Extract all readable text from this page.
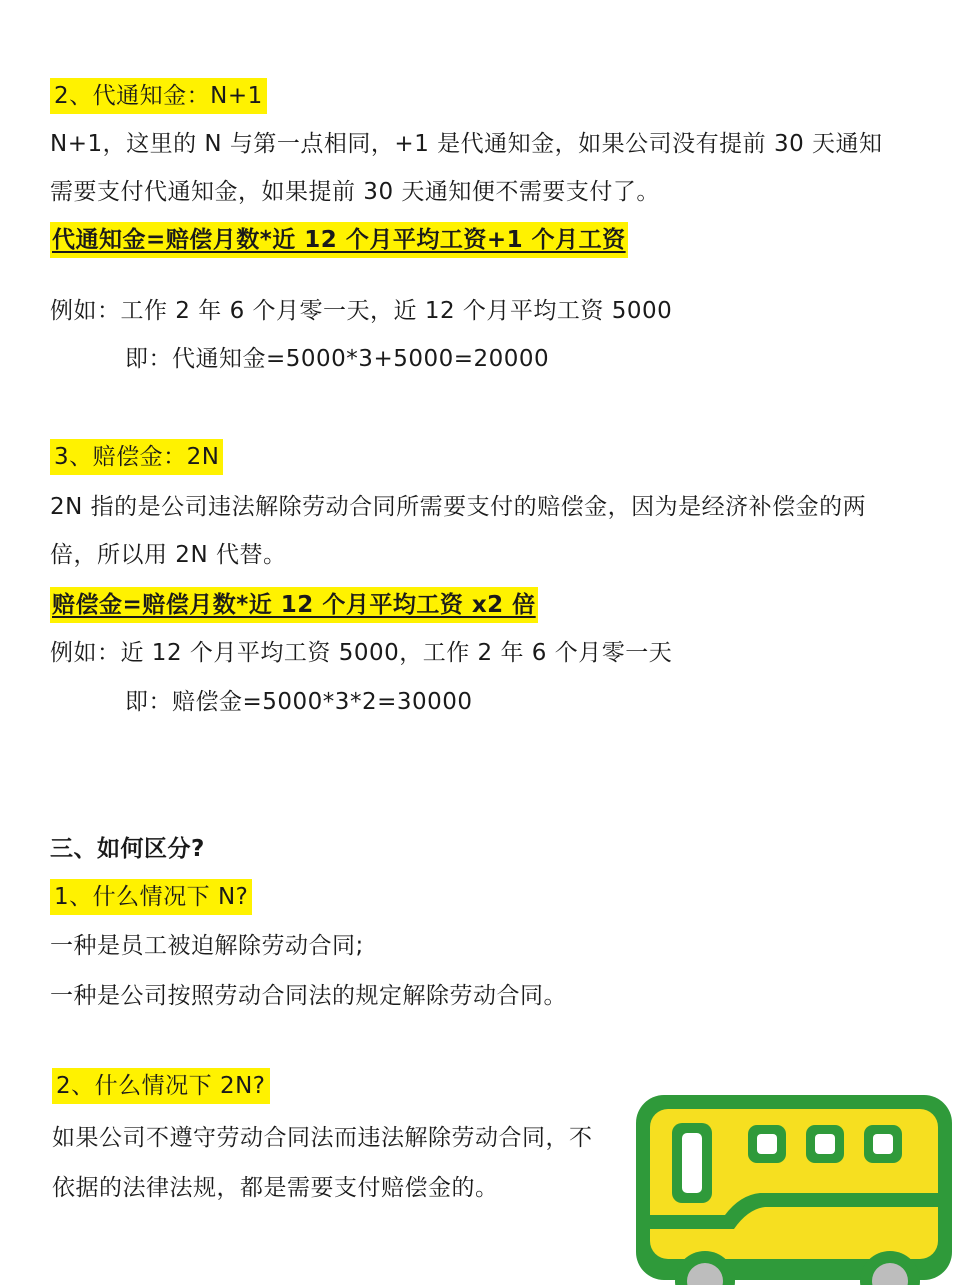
2、代通知金：N+1
N+1，这里的 N 与第一点相同，+1 是代通知金，如果公司没有提前 30 天通知
需要支付代通知金，如果提前 30 天通知便不需要支付了。
代通知金=赔偿月数*近 12 个月平均工资+1 个月工资
例如：工作 2 年 6 个月零一天，近 12 个月平均工资 5000
即：代通知金=5000*3+5000=20000
3、赔偿金：2N
2N 指的是公司违法解除劳动合同所需要支付的赔偿金，因为是经济补偿金的两
倍，所以用 2N 代替。
赔偿金=赔偿月数*近 12 个月平均工资 x2 倍
例如：近 12 个月平均工资 5000，工作 2 年 6 个月零一天
即：赔偿金=5000*3*2=30000
三、如何区分?
1、什么情况下 N?
一种是员工被迫解除劳动合同;
一种是公司按照劳动合同法的规定解除劳动合同。
2、什么情况下 2N?
如果公司不遵守劳动合同法而违法解除劳动合同，不
依据的法律法规，都是需要支付赔偿金的。
